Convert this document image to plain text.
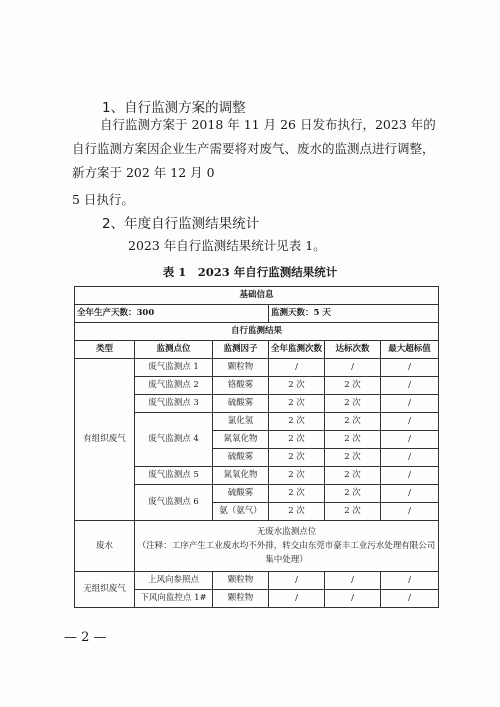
1、自行监测方案的调整
自行监测方案于 2018 年 11 月 26 日发布执行，2023 年的自行监测方案因企业生产需要将对废气、废水的监测点进行调整，新方案于 202 年 12 月 0
5 日执行。
2、年度自行监测结果统计
2023 年自行监测结果统计见表 1。
表 1　2023 年自行监测结果统计
基础信息					
全年生产天数：300			监测天数：5 天		
自行监测结果					
类型	监测点位	监测因子	全年监测次数	达标次数	最大超标值
有组织废气	废气监测点 1	颗粒物	/	/	/
	废气监测点 2	铬酸雾	2 次	2 次	/
	废气监测点 3	硫酸雾	2 次	2 次	/
	废气监测点 4	氯化氢	2 次	2 次	/
		氮氧化物	2 次	2 次	/
		硫酸雾	2 次	2 次	/
	废气监测点 5	氮氧化物	2 次	2 次	/
	废气监测点 6	硫酸雾	2 次	2 次	/
		氨（氨气）	2 次	2 次	/
废水	无废水监测点位
（注释：工序产生工业废水均不外排，转交由东莞市豪丰工业污水处理有限公司集中处理）				

无组织废气	上风向参照点	颗粒物	/	/	/
	下风向监控点 1#	颗粒物	/	/	/
— 2 —
